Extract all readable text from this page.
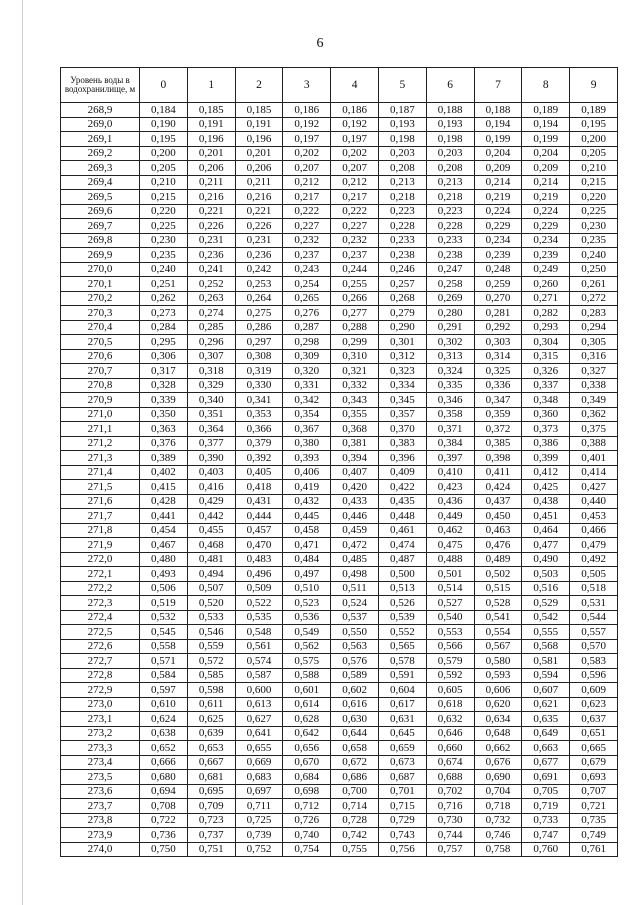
6
Уровень воды в водохранилище, м	0	1	2	3	4	5	6	7	8	9
268,9	0,184	0,185	0,185	0,186	0,186	0,187	0,188	0,188	0,189	0,189
269,0	0,190	0,191	0,191	0,192	0,192	0,193	0,193	0,194	0,194	0,195
269,1	0,195	0,196	0,196	0,197	0,197	0,198	0,198	0,199	0,199	0,200
269,2	0,200	0,201	0,201	0,202	0,202	0,203	0,203	0,204	0,204	0,205
269,3	0,205	0,206	0,206	0,207	0,207	0,208	0,208	0,209	0,209	0,210
269,4	0,210	0,211	0,211	0,212	0,212	0,213	0,213	0,214	0,214	0,215
269,5	0,215	0,216	0,216	0,217	0,217	0,218	0,218	0,219	0,219	0,220
269,6	0,220	0,221	0,221	0,222	0,222	0,223	0,223	0,224	0,224	0,225
269,7	0,225	0,226	0,226	0,227	0,227	0,228	0,228	0,229	0,229	0,230
269,8	0,230	0,231	0,231	0,232	0,232	0,233	0,233	0,234	0,234	0,235
269,9	0,235	0,236	0,236	0,237	0,237	0,238	0,238	0,239	0,239	0,240
270,0	0,240	0,241	0,242	0,243	0,244	0,246	0,247	0,248	0,249	0,250
270,1	0,251	0,252	0,253	0,254	0,255	0,257	0,258	0,259	0,260	0,261
270,2	0,262	0,263	0,264	0,265	0,266	0,268	0,269	0,270	0,271	0,272
270,3	0,273	0,274	0,275	0,276	0,277	0,279	0,280	0,281	0,282	0,283
270,4	0,284	0,285	0,286	0,287	0,288	0,290	0,291	0,292	0,293	0,294
270,5	0,295	0,296	0,297	0,298	0,299	0,301	0,302	0,303	0,304	0,305
270,6	0,306	0,307	0,308	0,309	0,310	0,312	0,313	0,314	0,315	0,316
270,7	0,317	0,318	0,319	0,320	0,321	0,323	0,324	0,325	0,326	0,327
270,8	0,328	0,329	0,330	0,331	0,332	0,334	0,335	0,336	0,337	0,338
270,9	0,339	0,340	0,341	0,342	0,343	0,345	0,346	0,347	0,348	0,349
271,0	0,350	0,351	0,353	0,354	0,355	0,357	0,358	0,359	0,360	0,362
271,1	0,363	0,364	0,366	0,367	0,368	0,370	0,371	0,372	0,373	0,375
271,2	0,376	0,377	0,379	0,380	0,381	0,383	0,384	0,385	0,386	0,388
271,3	0,389	0,390	0,392	0,393	0,394	0,396	0,397	0,398	0,399	0,401
271,4	0,402	0,403	0,405	0,406	0,407	0,409	0,410	0,411	0,412	0,414
271,5	0,415	0,416	0,418	0,419	0,420	0,422	0,423	0,424	0,425	0,427
271,6	0,428	0,429	0,431	0,432	0,433	0,435	0,436	0,437	0,438	0,440
271,7	0,441	0,442	0,444	0,445	0,446	0,448	0,449	0,450	0,451	0,453
271,8	0,454	0,455	0,457	0,458	0,459	0,461	0,462	0,463	0,464	0,466
271,9	0,467	0,468	0,470	0,471	0,472	0,474	0,475	0,476	0,477	0,479
272,0	0,480	0,481	0,483	0,484	0,485	0,487	0,488	0,489	0,490	0,492
272,1	0,493	0,494	0,496	0,497	0,498	0,500	0,501	0,502	0,503	0,505
272,2	0,506	0,507	0,509	0,510	0,511	0,513	0,514	0,515	0,516	0,518
272,3	0,519	0,520	0,522	0,523	0,524	0,526	0,527	0,528	0,529	0,531
272,4	0,532	0,533	0,535	0,536	0,537	0,539	0,540	0,541	0,542	0,544
272,5	0,545	0,546	0,548	0,549	0,550	0,552	0,553	0,554	0,555	0,557
272,6	0,558	0,559	0,561	0,562	0,563	0,565	0,566	0,567	0,568	0,570
272,7	0,571	0,572	0,574	0,575	0,576	0,578	0,579	0,580	0,581	0,583
272,8	0,584	0,585	0,587	0,588	0,589	0,591	0,592	0,593	0,594	0,596
272,9	0,597	0,598	0,600	0,601	0,602	0,604	0,605	0,606	0,607	0,609
273,0	0,610	0,611	0,613	0,614	0,616	0,617	0,618	0,620	0,621	0,623
273,1	0,624	0,625	0,627	0,628	0,630	0,631	0,632	0,634	0,635	0,637
273,2	0,638	0,639	0,641	0,642	0,644	0,645	0,646	0,648	0,649	0,651
273,3	0,652	0,653	0,655	0,656	0,658	0,659	0,660	0,662	0,663	0,665
273,4	0,666	0,667	0,669	0,670	0,672	0,673	0,674	0,676	0,677	0,679
273,5	0,680	0,681	0,683	0,684	0,686	0,687	0,688	0,690	0,691	0,693
273,6	0,694	0,695	0,697	0,698	0,700	0,701	0,702	0,704	0,705	0,707
273,7	0,708	0,709	0,711	0,712	0,714	0,715	0,716	0,718	0,719	0,721
273,8	0,722	0,723	0,725	0,726	0,728	0,729	0,730	0,732	0,733	0,735
273,9	0,736	0,737	0,739	0,740	0,742	0,743	0,744	0,746	0,747	0,749
274,0	0,750	0,751	0,752	0,754	0,755	0,756	0,757	0,758	0,760	0,761
